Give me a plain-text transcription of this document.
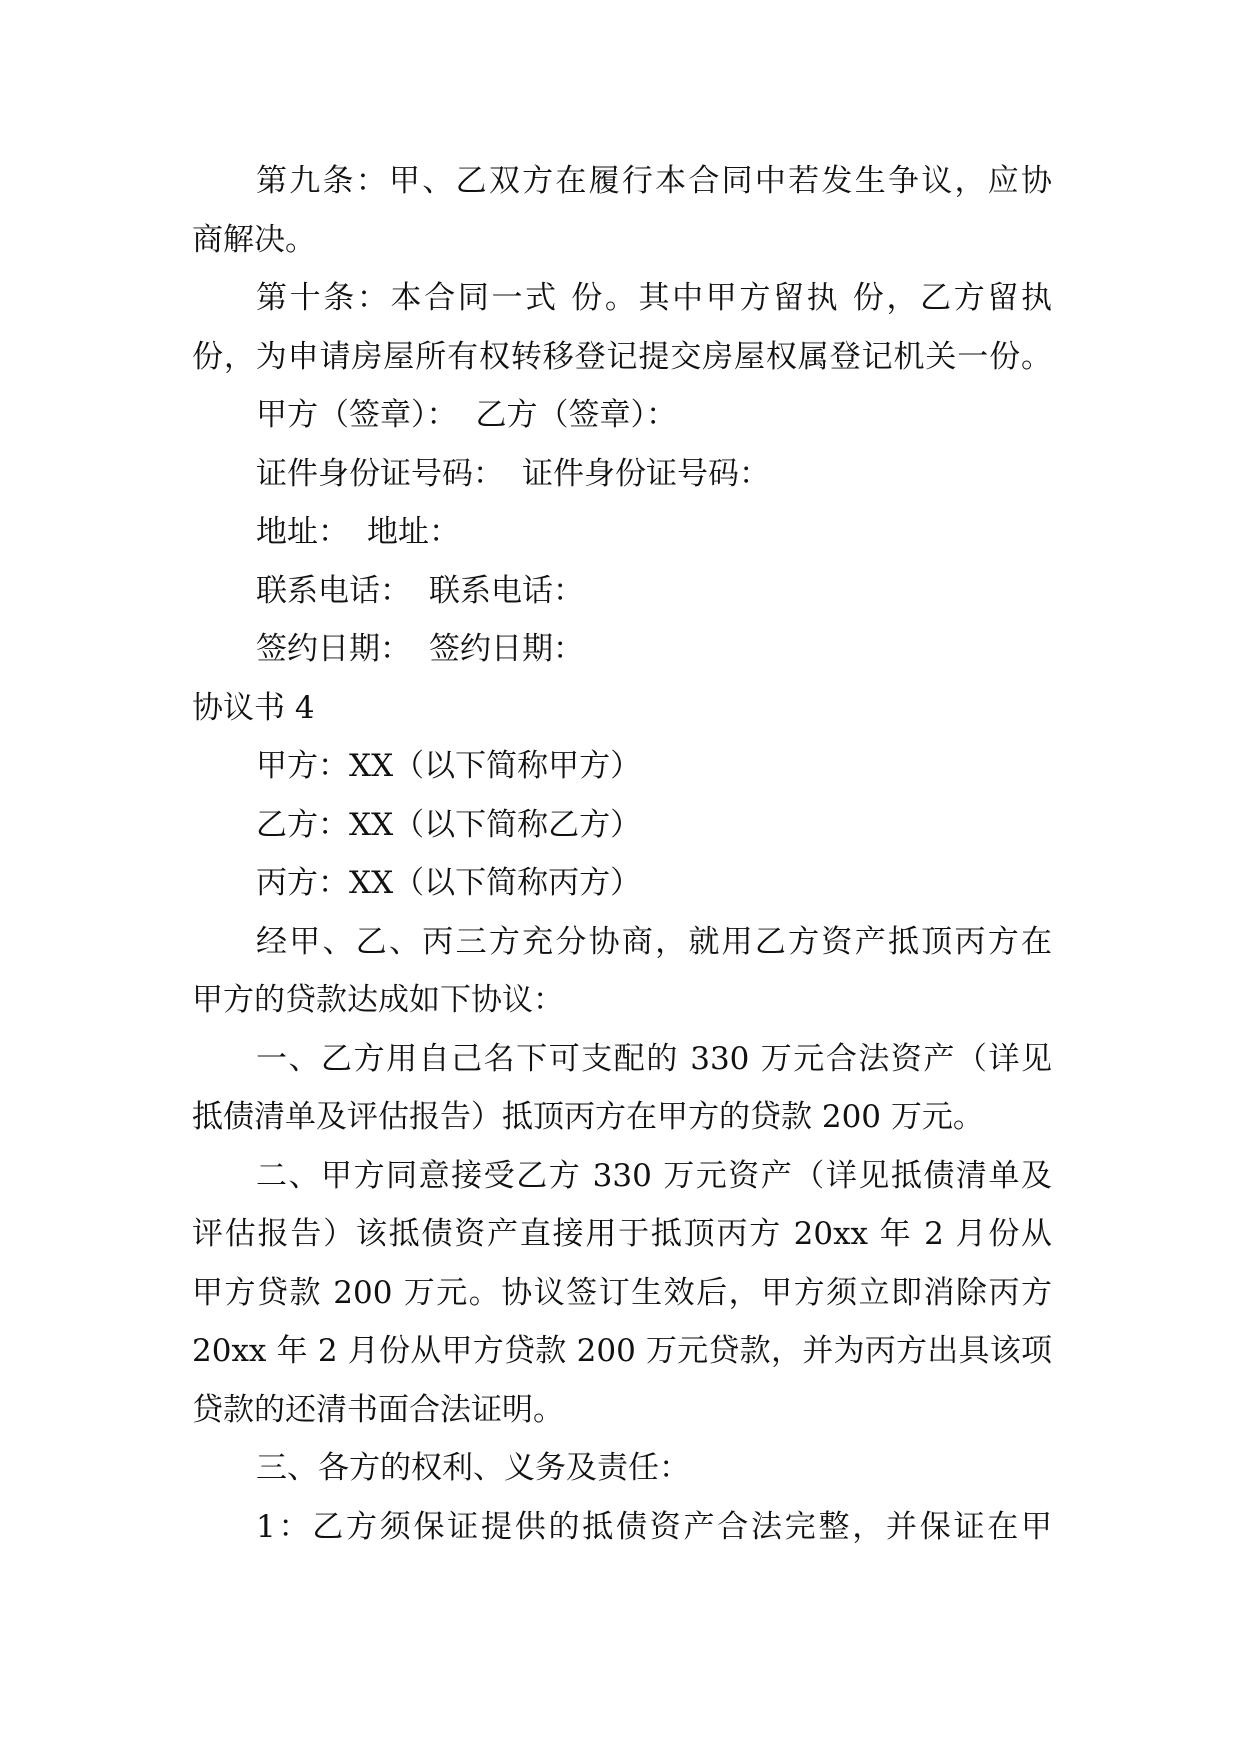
第九条：甲、乙双方在履行本合同中若发生争议，应协
商解决。
第十条：本合同一式 份。其中甲方留执 份，乙方留执
份，为申请房屋所有权转移登记提交房屋权属登记机关一份。
甲方（签章）： 乙方（签章）：
证件身份证号码： 证件身份证号码：
地址： 地址：
联系电话： 联系电话：
签约日期： 签约日期：
协议书 4
甲方：XX（以下简称甲方）
乙方：XX（以下简称乙方）
丙方：XX（以下简称丙方）
经甲、乙、丙三方充分协商，就用乙方资产抵顶丙方在
甲方的贷款达成如下协议：
一、乙方用自己名下可支配的 330 万元合法资产（详见
抵债清单及评估报告）抵顶丙方在甲方的贷款 200 万元。
二、甲方同意接受乙方 330 万元资产（详见抵债清单及
评估报告）该抵债资产直接用于抵顶丙方 20xx 年 2 月份从
甲方贷款 200 万元。协议签订生效后，甲方须立即消除丙方
20xx 年 2 月份从甲方贷款 200 万元贷款，并为丙方出具该项
贷款的还清书面合法证明。
三、各方的权利、义务及责任：
1：乙方须保证提供的抵债资产合法完整，并保证在甲
